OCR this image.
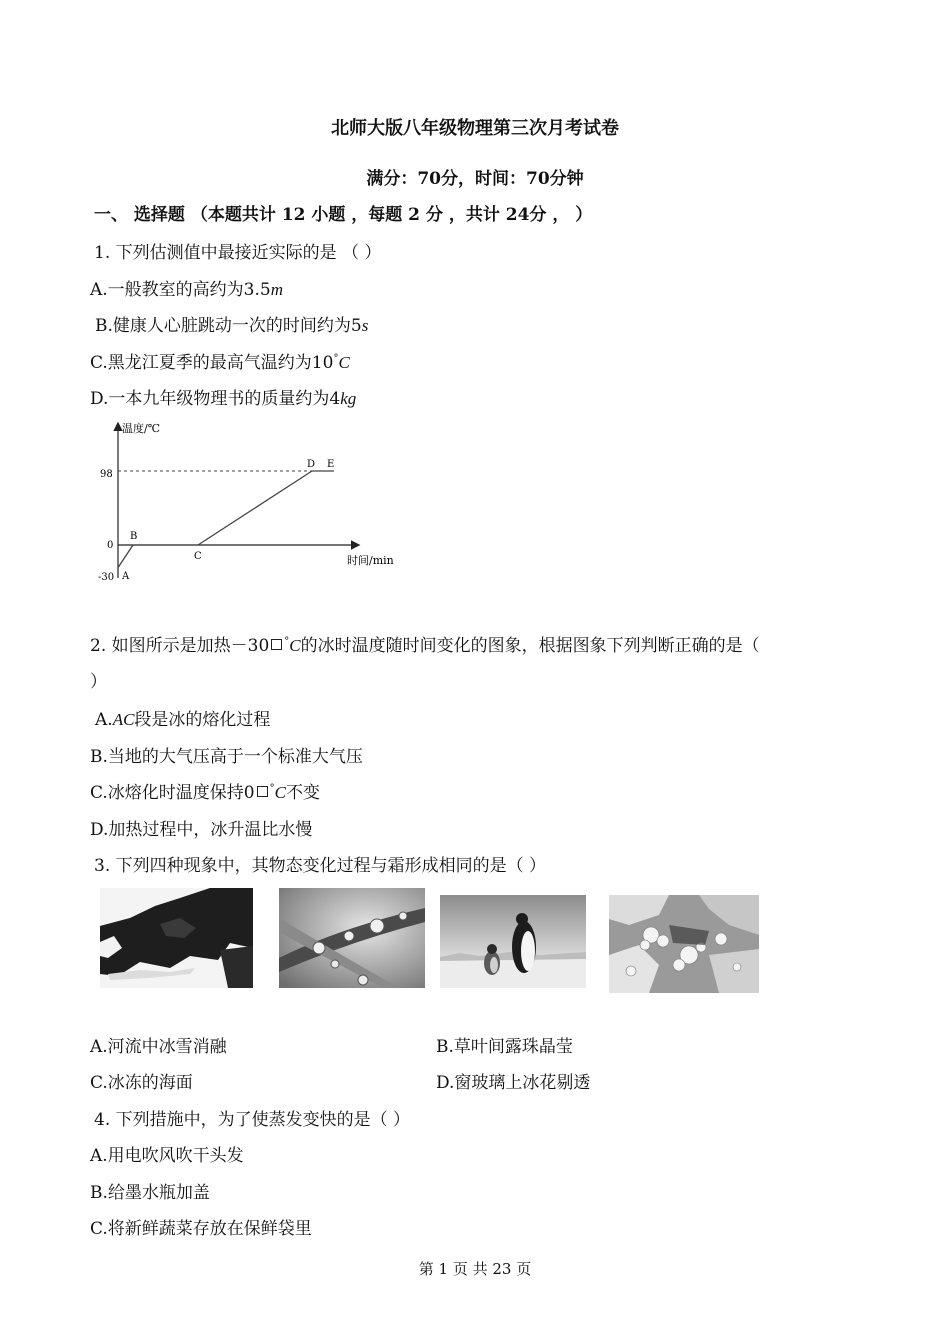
北师大版八年级物理第三次月考试卷
满分：70分，时间：70分钟
一、 选择题 （本题共计 12 小题 ，每题 2 分 ，共计 24分 ， ）
1. 下列估测值中最接近实际的是 （ ）
A.一般教室的高约为3.5m
B.健康人心脏跳动一次的时间约为5s
C.黑龙江夏季的最高气温约为10°C
D.一本九年级物理书的质量约为4kg
温度/℃
时间/min
98
0
-30 A
B
C
D E
2. 如图所示是加热－30 °C的冰时温度随时间变化的图象，根据图象下列判断正确的是（
）
A.AC段是冰的熔化过程
B.当地的大气压高于一个标准大气压
C.冰熔化时温度保持0 °C不变
D.加热过程中，冰升温比水慢
3. 下列四种现象中，其物态变化过程与霜形成相同的是（ ）
A.河流中冰雪消融	B.草叶间露珠晶莹
C.冰冻的海面	D.窗玻璃上冰花剔透
4. 下列措施中，为了使蒸发变快的是（ ）
A.用电吹风吹干头发
B.给墨水瓶加盖
C.将新鲜蔬菜存放在保鲜袋里
第 1 页 共 23 页
